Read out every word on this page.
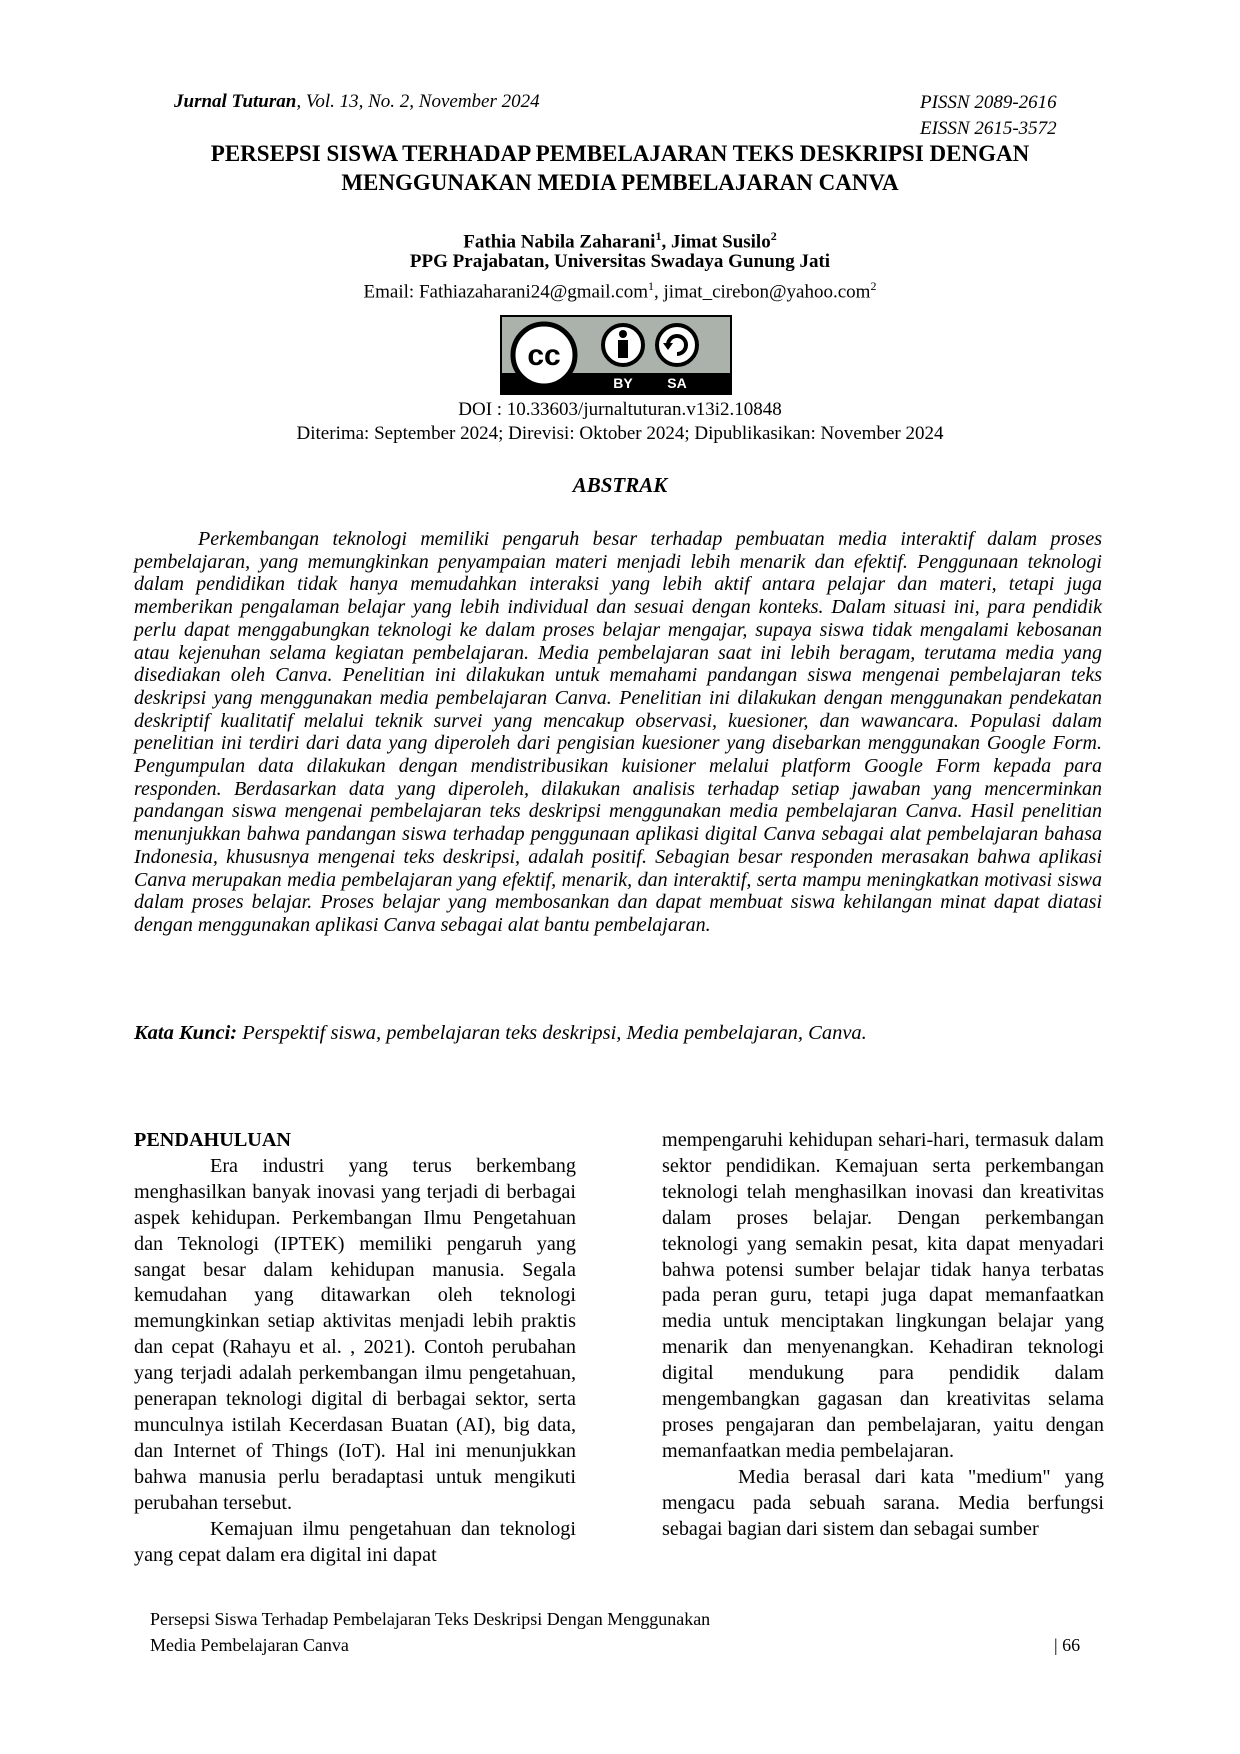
Jurnal Tuturan, Vol. 13, No. 2, November 2024	PISSN 2089-2616
EISSN 2615-3572
PERSEPSI SISWA TERHADAP PEMBELAJARAN TEKS DESKRIPSI DENGAN
MENGGUNAKAN MEDIA PEMBELAJARAN CANVA
Fathia Nabila Zaharani$^1$, Jimat Susilo$^2$
PPG Prajabatan, Universitas Swadaya Gunung Jati
Email: Fathiazaharani24@gmail.com$^1$, jimat_cirebon@yahoo.com$^2$
cc
BY SA
DOI : 10.33603/jurnaltuturan.v13i2.10848
Diterima: September 2024; Direvisi: Oktober 2024; Dipublikasikan: November 2024
ABSTRAK

Perkembangan teknologi memiliki pengaruh besar terhadap pembuatan media interaktif dalam proses pembelajaran, yang memungkinkan penyampaian materi menjadi lebih menarik dan efektif. Penggunaan teknologi dalam pendidikan tidak hanya memudahkan interaksi yang lebih aktif antara pelajar dan materi, tetapi juga memberikan pengalaman belajar yang lebih individual dan sesuai dengan konteks. Dalam situasi ini, para pendidik perlu dapat menggabungkan teknologi ke dalam proses belajar mengajar, supaya siswa tidak mengalami kebosanan atau kejenuhan selama kegiatan pembelajaran. Media pembelajaran saat ini lebih beragam, terutama media yang disediakan oleh Canva. Penelitian ini dilakukan untuk memahami pandangan siswa mengenai pembelajaran teks deskripsi yang menggunakan media pembelajaran Canva. Penelitian ini dilakukan dengan menggunakan pendekatan deskriptif kualitatif melalui teknik survei yang mencakup observasi, kuesioner, dan wawancara. Populasi dalam penelitian ini terdiri dari data yang diperoleh dari pengisian kuesioner yang disebarkan menggunakan Google Form. Pengumpulan data dilakukan dengan mendistribusikan kuisioner melalui platform Google Form kepada para responden. Berdasarkan data yang diperoleh, dilakukan analisis terhadap setiap jawaban yang mencerminkan pandangan siswa mengenai pembelajaran teks deskripsi menggunakan media pembelajaran Canva. Hasil penelitian menunjukkan bahwa pandangan siswa terhadap penggunaan aplikasi digital Canva sebagai alat pembelajaran bahasa Indonesia, khususnya mengenai teks deskripsi, adalah positif. Sebagian besar responden merasakan bahwa aplikasi Canva merupakan media pembelajaran yang efektif, menarik, dan interaktif, serta mampu meningkatkan motivasi siswa dalam proses belajar. Proses belajar yang membosankan dan dapat membuat siswa kehilangan minat dapat diatasi dengan menggunakan aplikasi Canva sebagai alat bantu pembelajaran.

Kata Kunci: Perspektif siswa, pembelajaran teks deskripsi, Media pembelajaran, Canva.

PENDAHULUAN

Era industri yang terus berkembang menghasilkan banyak inovasi yang terjadi di berbagai aspek kehidupan. Perkembangan Ilmu Pengetahuan dan Teknologi (IPTEK) memiliki pengaruh yang sangat besar dalam kehidupan manusia. Segala kemudahan yang ditawarkan oleh teknologi memungkinkan setiap aktivitas menjadi lebih praktis dan cepat (Rahayu et al. , 2021). Contoh perubahan yang terjadi adalah perkembangan ilmu pengetahuan, penerapan teknologi digital di berbagai sektor, serta munculnya istilah Kecerdasan Buatan (AI), big data, dan Internet of Things (IoT). Hal ini menunjukkan bahwa manusia perlu beradaptasi untuk mengikuti perubahan tersebut.

Kemajuan ilmu pengetahuan dan teknologi yang cepat dalam era digital ini dapat

mempengaruhi kehidupan sehari-hari, termasuk dalam sektor pendidikan. Kemajuan serta perkembangan teknologi telah menghasilkan inovasi dan kreativitas dalam proses belajar. Dengan perkembangan teknologi yang semakin pesat, kita dapat menyadari bahwa potensi sumber belajar tidak hanya terbatas pada peran guru, tetapi juga dapat memanfaatkan media untuk menciptakan lingkungan belajar yang menarik dan menyenangkan. Kehadiran teknologi digital mendukung para pendidik dalam mengembangkan gagasan dan kreativitas selama proses pengajaran dan pembelajaran, yaitu dengan memanfaatkan media pembelajaran.

Media berasal dari kata "medium" yang mengacu pada sebuah sarana. Media berfungsi sebagai bagian dari sistem dan sebagai sumber

Persepsi Siswa Terhadap Pembelajaran Teks Deskripsi Dengan Menggunakan
Media Pembelajaran Canva	| 66
